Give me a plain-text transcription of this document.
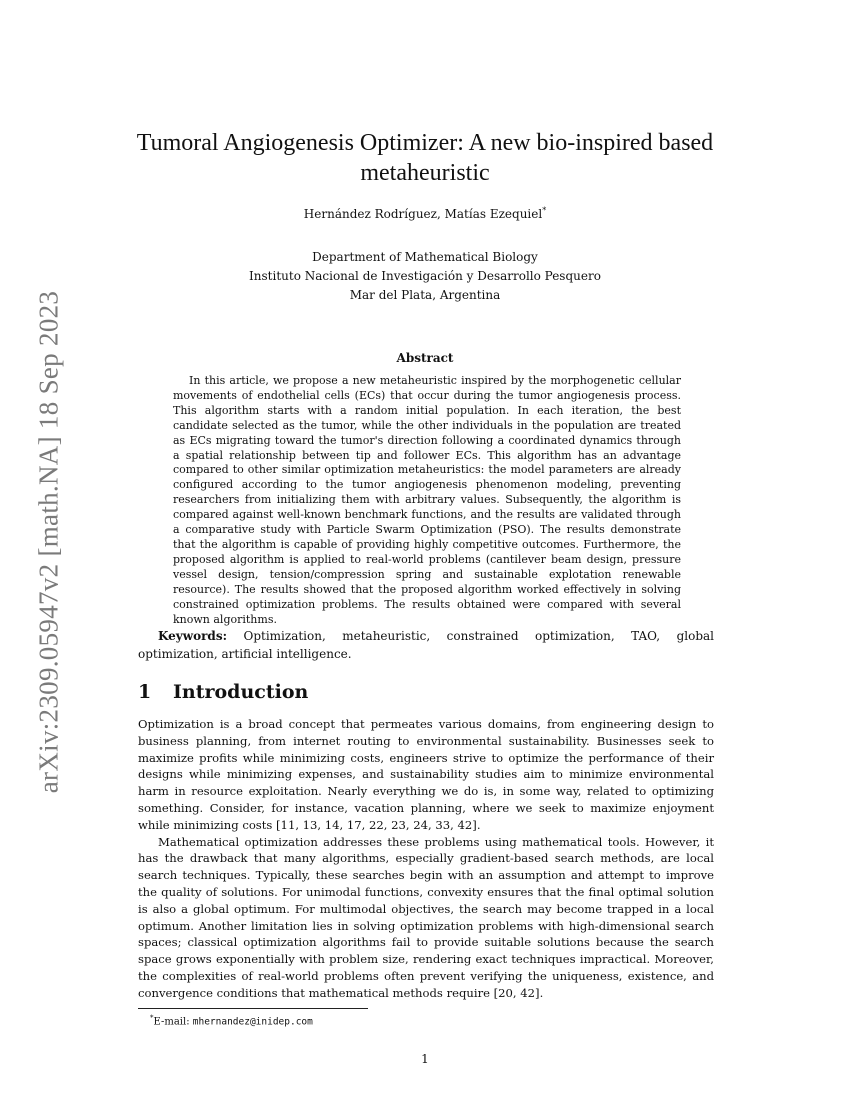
arXiv:2309.05947v2 [math.NA] 18 Sep 2023
Tumoral Angiogenesis Optimizer: A new bio-inspired based metaheuristic
Hernández Rodríguez, Matías Ezequiel*
Department of Mathematical Biology
Instituto Nacional de Investigación y Desarrollo Pesquero
Mar del Plata, Argentina
Abstract

In this article, we propose a new metaheuristic inspired by the morphogenetic cellular movements of endothelial cells (ECs) that occur during the tumor angiogenesis process. This algorithm starts with a random initial population. In each iteration, the best candidate selected as the tumor, while the other individuals in the population are treated as ECs migrating toward the tumor's direction following a coordinated dynamics through a spatial relationship between tip and follower ECs. This algorithm has an advantage compared to other similar optimization metaheuristics: the model parameters are already configured according to the tumor angiogenesis phenomenon modeling, preventing researchers from initializing them with arbitrary values. Subsequently, the algorithm is compared against well-known benchmark functions, and the results are validated through a comparative study with Particle Swarm Optimization (PSO). The results demonstrate that the algorithm is capable of providing highly competitive outcomes. Furthermore, the proposed algorithm is applied to real-world problems (cantilever beam design, pressure vessel design, tension/compression spring and sustainable explotation renewable resource). The results showed that the proposed algorithm worked effectively in solving constrained optimization problems. The results obtained were compared with several known algorithms.

Keywords: Optimization, metaheuristic, constrained optimization, TAO, global optimization, artificial intelligence.

1 Introduction

Optimization is a broad concept that permeates various domains, from engineering design to business planning, from internet routing to environmental sustainability. Businesses seek to maximize profits while minimizing costs, engineers strive to optimize the performance of their designs while minimizing expenses, and sustainability studies aim to minimize environmental harm in resource exploitation. Nearly everything we do is, in some way, related to optimizing something. Consider, for instance, vacation planning, where we seek to maximize enjoyment while minimizing costs [11, 13, 14, 17, 22, 23, 24, 33, 42].

Mathematical optimization addresses these problems using mathematical tools. However, it has the drawback that many algorithms, especially gradient-based search methods, are local search techniques. Typically, these searches begin with an assumption and attempt to improve the quality of solutions. For unimodal functions, convexity ensures that the final optimal solution is also a global optimum. For multimodal objectives, the search may become trapped in a local optimum. Another limitation lies in solving optimization problems with high-dimensional search spaces; classical optimization algorithms fail to provide suitable solutions because the search space grows exponentially with problem size, rendering exact techniques impractical. Moreover, the complexities of real-world problems often prevent verifying the uniqueness, existence, and convergence conditions that mathematical methods require [20, 42].

*E-mail: mhernandez@inidep.com
1
